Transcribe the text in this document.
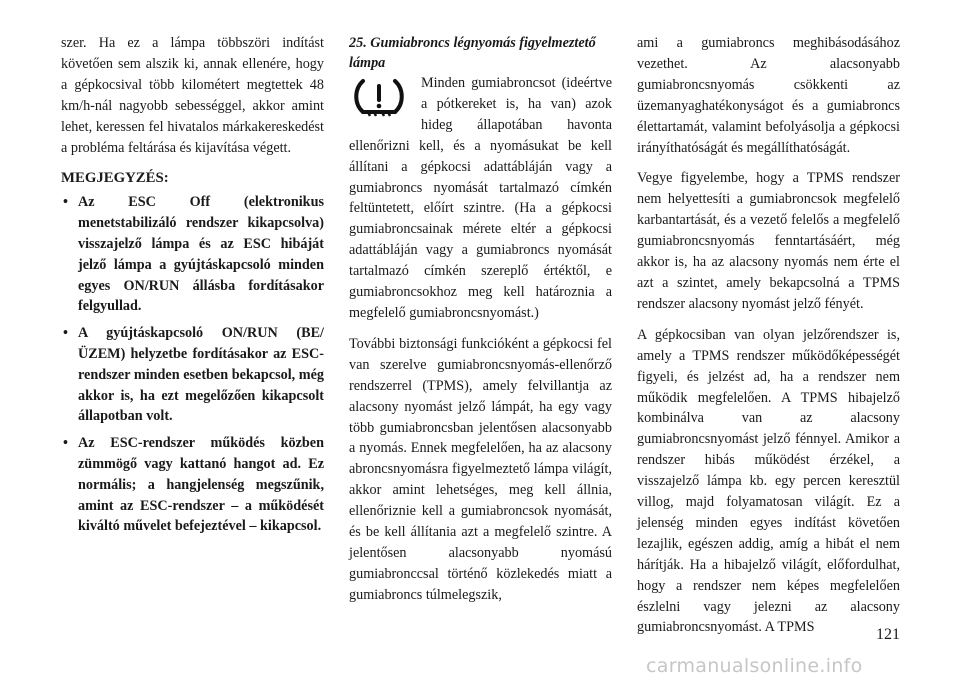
szer. Ha ez a lámpa többszöri indítást követően sem alszik ki, annak ellenére, hogy a gépkocsival több kilométert megtettek 48 km/h-nál nagyobb sebességgel, akkor amint lehet, keressen fel hivatalos márkakereskedést a probléma feltárása és kijavítása végett.

MEGJEGYZÉS:
• Az ESC Off (elektronikus menetstabilizáló rendszer kikapcsolva) visszajelző lámpa és az ESC hibáját jelző lámpa a gyújtáskapcsoló minden egyes ON/RUN állásba fordításakor felgyullad.
• A gyújtáskapcsoló ON/RUN (BE/ÜZEM) helyzetbe fordításakor az ESC-rendszer minden esetben bekapcsol, még akkor is, ha ezt megelőzően kikapcsolt állapotban volt.
• Az ESC-rendszer működés közben zümmögő vagy kattanó hangot ad. Ez normális; a hangjelenség megszűnik, amint az ESC-rendszer – a működését kiváltó művelet befejeztével – kikapcsol.
25. Gumiabroncs légnyomás figyelmeztető lámpa

Minden gumiabroncsot (ideértve a pótkereket is, ha van) azok hideg állapotában havonta ellenőrizni kell, és a nyomásukat be kell állítani a gépkocsi adattábláján vagy a gumiabroncs nyomását tartalmazó címkén feltüntetett, előírt szintre. (Ha a gépkocsi gumiabroncsainak mérete eltér a gépkocsi adattábláján vagy a gumiabroncs nyomását tartalmazó címkén szereplő értéktől, e gumiabroncsokhoz meg kell határoznia a megfelelő gumiabroncsnyomást.)

További biztonsági funkcióként a gépkocsi fel van szerelve gumiabroncsnyomás-ellenőrző rendszerrel (TPMS), amely felvillantja az alacsony nyomást jelző lámpát, ha egy vagy több gumiabroncsban jelentősen alacsonyabb a nyomás. Ennek megfelelően, ha az alacsony abroncsnyomásra figyelmeztető lámpa világít, akkor amint lehetséges, meg kell állnia, ellenőriznie kell a gumiabroncsok nyomását, és be kell állítania azt a megfelelő szintre. A jelentősen alacsonyabb nyomású gumiabronccsal történő közlekedés miatt a gumiabroncs túlmelegszik,

ami a gumiabroncs meghibásodásához vezethet. Az alacsonyabb gumiabroncsnyomás csökkenti az üzemanyaghatékonyságot és a gumiabroncs élettartamát, valamint befolyásolja a gépkocsi irányíthatóságát és megállíthatóságát.

Vegye figyelembe, hogy a TPMS rendszer nem helyettesíti a gumiabroncsok megfelelő karbantartását, és a vezető felelős a megfelelő gumiabroncsnyomás fenntartásáért, még akkor is, ha az alacsony nyomás nem érte el azt a szintet, amely bekapcsolná a TPMS rendszer alacsony nyomást jelző fényét.

A gépkocsiban van olyan jelzőrendszer is, amely a TPMS rendszer működőképességét figyeli, és jelzést ad, ha a rendszer nem működik megfelelően. A TPMS hibajelző kombinálva van az alacsony gumiabroncsnyomást jelző fénnyel. Amikor a rendszer hibás működést érzékel, a visszajelző lámpa kb. egy percen keresztül villog, majd folyamatosan világít. Ez a jelenség minden egyes indítást követően lezajlik, egészen addig, amíg a hibát el nem hárítják. Ha a hibajelző világít, előfordulhat, hogy a rendszer nem képes megfelelően észlelni vagy jelezni az alacsony gumiabroncsnyomást. A TPMS	121
carmanualsonline.info
